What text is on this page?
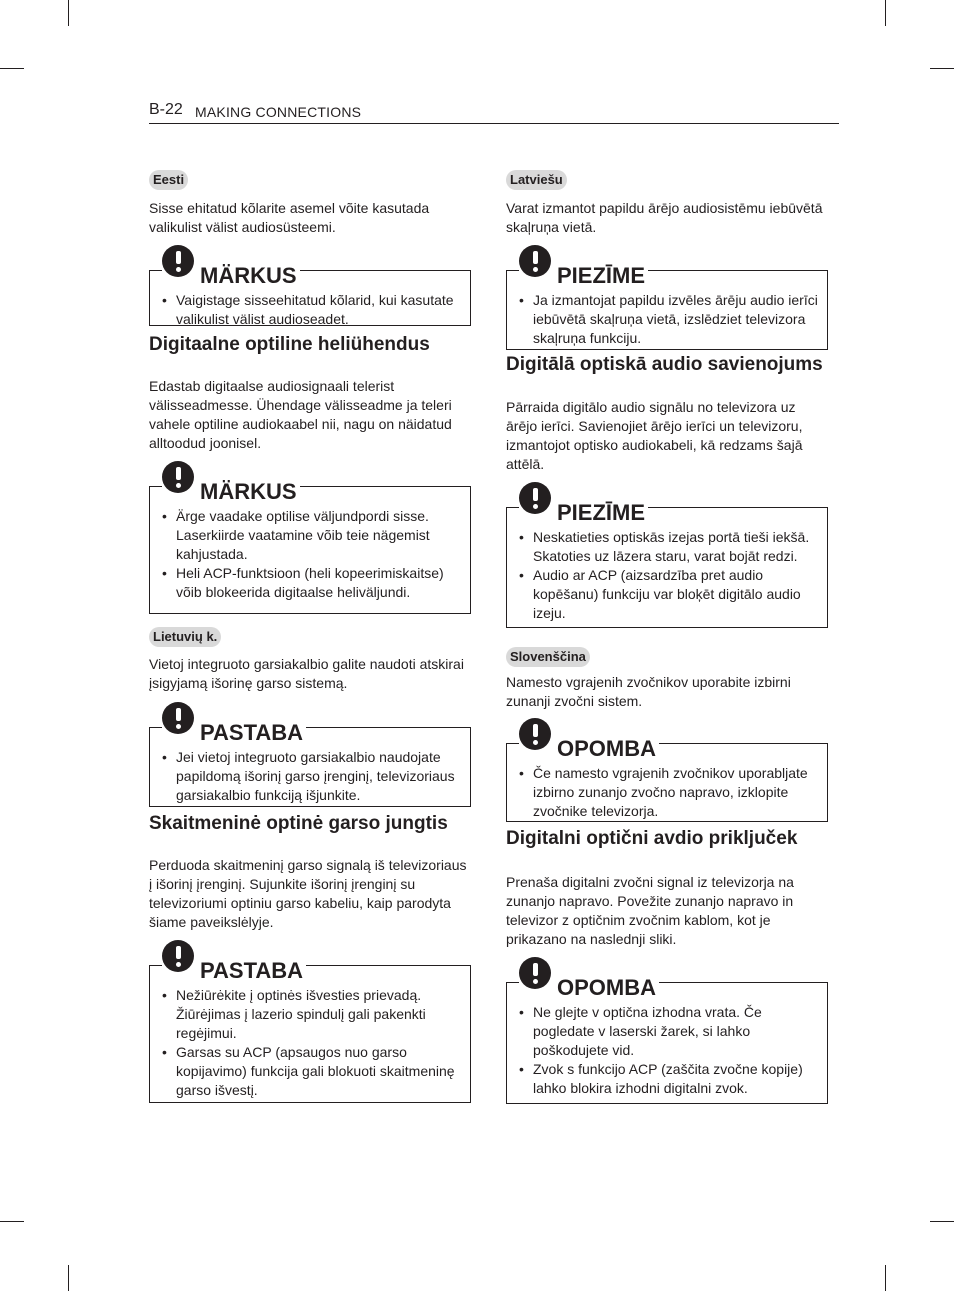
B-22 MAKING CONNECTIONS
Eesti

Sisse ehitatud kõlarite asemel võite kasutada valikulist välist audiosüsteemi.

MÄRKUS
• Vaigistage sisseehitatud kõlarid, kui kasutate valikulist välist audioseadet.
Digitaalne optiline heliühendus

Edastab digitaalse audiosignaali telerist välisseadmesse. Ühendage välisseadme ja teleri vahele optiline audiokaabel nii, nagu on näidatud alltoodud joonisel.

MÄRKUS
• Ärge vaadake optilise väljundpordi sisse. Laserkiirde vaatamine võib teie nägemist kahjustada.
• Heli ACP-funktsioon (heli kopeerimiskaitse) võib blokeerida digitaalse heliväljundi.
Lietuvių k.

Vietoj integruoto garsiakalbio galite naudoti atskirai įsigyjamą išorinę garso sistemą.

PASTABA
• Jei vietoj integruoto garsiakalbio naudojate papildomą išorinį garso įrenginį, televizoriaus garsiakalbio funkciją išjunkite.
Skaitmeninė optinė garso jungtis

Perduoda skaitmeninį garso signalą iš televizoriaus į išorinį įrenginį. Sujunkite išorinį įrenginį su televizoriumi optiniu garso kabeliu, kaip parodyta šiame paveikslėlyje.

PASTABA
• Nežiūrėkite į optinės išvesties prievadą. Žiūrėjimas į lazerio spindulį gali pakenkti regėjimui.
• Garsas su ACP (apsaugos nuo garso kopijavimo) funkcija gali blokuoti skaitmeninę garso išvestį.
Latviešu

Varat izmantot papildu ārējo audiosistēmu iebūvētā skaļruņa vietā.

PIEZĪME
• Ja izmantojat papildu izvēles ārēju audio ierīci iebūvētā skaļruņa vietā, izslēdziet televizora skaļruņa funkciju.
Digitālā optiskā audio savienojums

Pārraida digitālo audio signālu no televizora uz ārējo ierīci. Savienojiet ārējo ierīci un televizoru, izmantojot optisko audiokabeli, kā redzams šajā attēlā.

PIEZĪME
• Neskatieties optiskās izejas portā tieši iekšā. Skatoties uz lāzera staru, varat bojāt redzi.
• Audio ar ACP (aizsardzība pret audio kopēšanu) funkciju var bloķēt digitālo audio izeju.
Slovenščina

Namesto vgrajenih zvočnikov uporabite izbirni zunanji zvočni sistem.

OPOMBA
• Če namesto vgrajenih zvočnikov uporabljate izbirno zunanjo zvočno napravo, izklopite zvočnike televizorja.
Digitalni optični avdio priključek

Prenaša digitalni zvočni signal iz televizorja na zunanjo napravo. Povežite zunanjo napravo in televizor z optičnim zvočnim kablom, kot je prikazano na naslednji sliki.

OPOMBA
• Ne glejte v optična izhodna vrata. Če pogledate v laserski žarek, si lahko poškodujete vid.
• Zvok s funkcijo ACP (zaščita zvočne kopije) lahko blokira izhodni digitalni zvok.
